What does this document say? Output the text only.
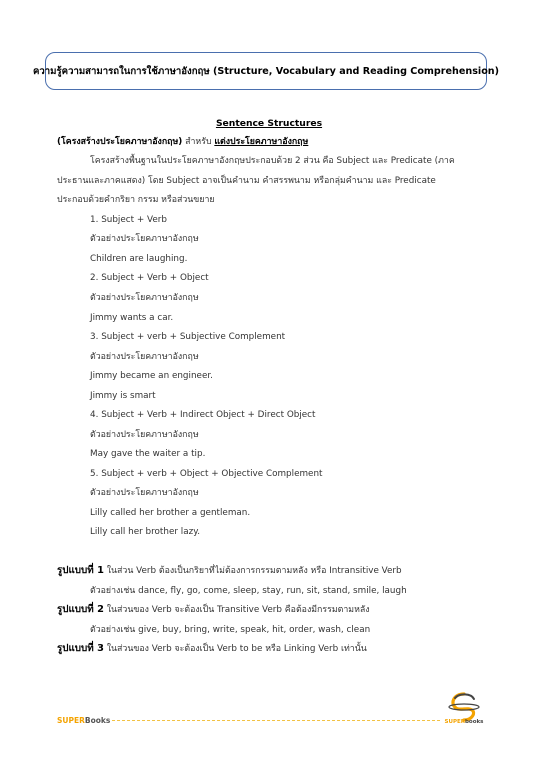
ความรู้ความสามารถในการใช้ภาษาอังกฤษ (Structure, Vocabulary and Reading Comprehension)
Sentence Structures
(โครงสร้างประโยคภาษาอังกฤษ) สำหรับ แต่งประโยคภาษาอังกฤษ
โครงสร้างพื้นฐานในประโยคภาษาอังกฤษประกอบด้วย 2 ส่วน คือ Subject และ Predicate (ภาค
ประธานและภาคแสดง) โดย Subject อาจเป็นคำนาม คำสรรพนาม หรือกลุ่มคำนาม และ Predicate
ประกอบด้วยคำกริยา กรรม หรือส่วนขยาย
1. Subject + Verb
ตัวอย่างประโยคภาษาอังกฤษ
Children are laughing.
2. Subject + Verb + Object
ตัวอย่างประโยคภาษาอังกฤษ
Jimmy wants a car.
3. Subject + verb + Subjective Complement
ตัวอย่างประโยคภาษาอังกฤษ
Jimmy became an engineer.
Jimmy is smart
4. Subject + Verb + Indirect Object + Direct Object
ตัวอย่างประโยคภาษาอังกฤษ
May gave the waiter a tip.
5. Subject + verb + Object + Objective Complement
ตัวอย่างประโยคภาษาอังกฤษ
Lilly called her brother a gentleman.
Lilly call her brother lazy.
รูปแบบที่ 1 ในส่วน Verb ต้องเป็นกริยาที่ไม่ต้องการกรรมตามหลัง หรือ Intransitive Verb
ตัวอย่างเช่น dance, fly, go, come, sleep, stay, run, sit, stand, smile, laugh
รูปแบบที่ 2 ในส่วนของ Verb จะต้องเป็น Transitive Verb คือต้องมีกรรมตามหลัง
ตัวอย่างเช่น give, buy, bring, write, speak, hit, order, wash, clean
รูปแบบที่ 3 ในส่วนของ Verb จะต้องเป็น Verb to be หรือ Linking Verb เท่านั้น
SUPERBooks	SUPERbooks
